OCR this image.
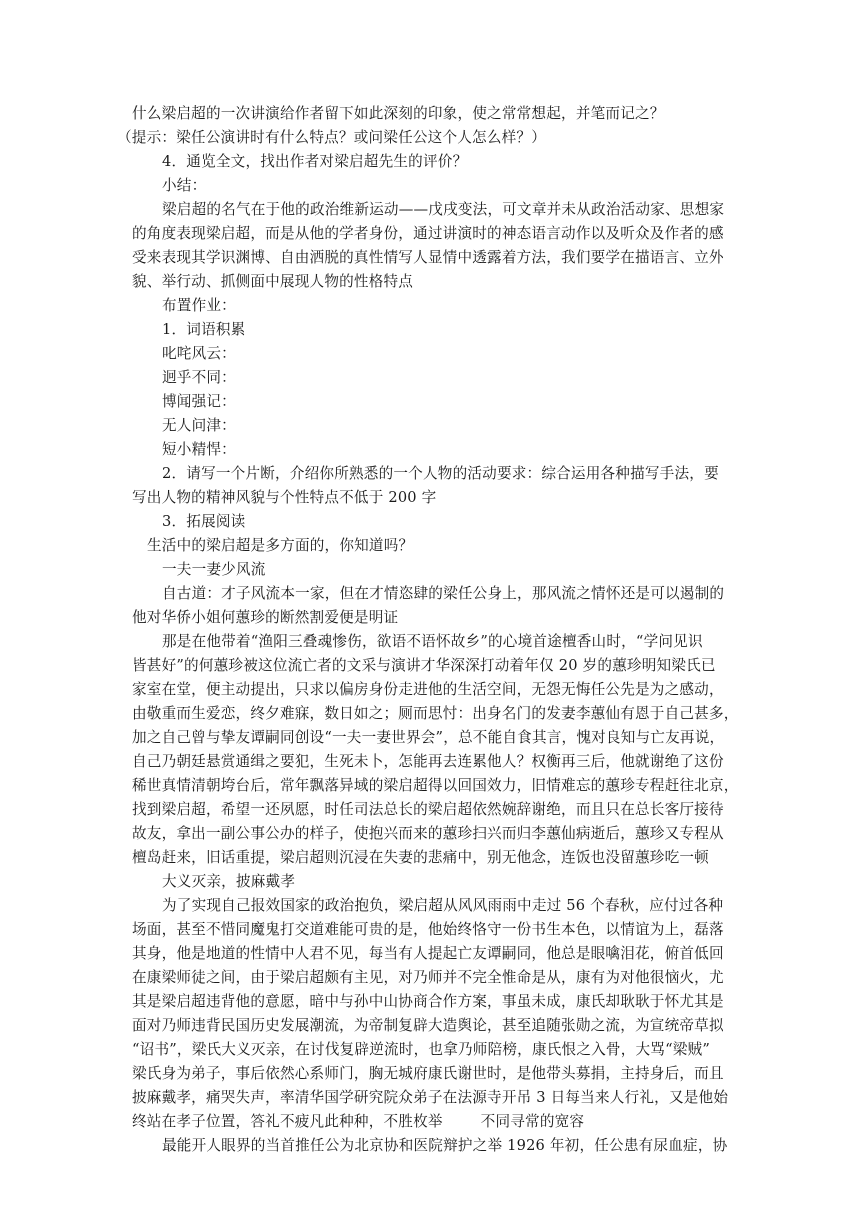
什么梁启超的一次讲演给作者留下如此深刻的印象，使之常常想起，并笔而记之？
（提示：梁任公演讲时有什么特点？或问梁任公这个人怎么样？）
4．通览全文，找出作者对梁启超先生的评价？
小结：
梁启超的名气在于他的政治维新运动——戊戌变法，可文章并未从政治活动家、思想家
的角度表现梁启超，而是从他的学者身份，通过讲演时的神态语言动作以及听众及作者的感
受来表现其学识渊博、自由洒脱的真性情写人显情中透露着方法，我们要学在描语言、立外
貌、举行动、抓侧面中展现人物的性格特点
布置作业：
1．词语积累
叱咤风云：
迥乎不同：
博闻强记：
无人问津：
短小精悍：
2．请写一个片断，介绍你所熟悉的一个人物的活动要求：综合运用各种描写手法，要
写出人物的精神风貌与个性特点不低于 200 字
3．拓展阅读
生活中的梁启超是多方面的，你知道吗？
一夫一妻少风流
自古道：才子风流本一家，但在才情恣肆的梁任公身上，那风流之情怀还是可以遏制的
他对华侨小姐何蕙珍的断然割爱便是明证
那是在他带着“渔阳三叠魂惨伤，欲语不语怀故乡”的心境首途檀香山时，“学问见识
皆甚好”的何蕙珍被这位流亡者的文采与演讲才华深深打动着年仅 20 岁的蕙珍明知梁氏已
家室在堂，便主动提出，只求以偏房身份走进他的生活空间，无怨无悔任公先是为之感动，
由敬重而生爱恋，终夕难寐，数日如之；厕而思忖：出身名门的发妻李蕙仙有恩于自己甚多，
加之自己曾与挚友谭嗣同创设“一夫一妻世界会”，总不能自食其言，愧对良知与亡友再说，
自己乃朝廷悬赏通缉之要犯，生死未卜，怎能再去连累他人？权衡再三后，他就谢绝了这份
稀世真情清朝垮台后，常年飘落异域的梁启超得以回国效力，旧情难忘的蕙珍专程赶往北京，
找到梁启超，希望一还夙愿，时任司法总长的梁启超依然婉辞谢绝，而且只在总长客厅接待
故友，拿出一副公事公办的样子，使抱兴而来的蕙珍扫兴而归李蕙仙病逝后，蕙珍又专程从
檀岛赶来，旧话重提，梁启超则沉浸在失妻的悲痛中，别无他念，连饭也没留蕙珍吃一顿
大义灭亲，披麻戴孝
为了实现自己报效国家的政治抱负，梁启超从风风雨雨中走过 56 个春秋，应付过各种
场面，甚至不惜同魔鬼打交道难能可贵的是，他始终恪守一份书生本色，以情谊为上，磊落
其身，他是地道的性情中人君不见，每当有人提起亡友谭嗣同，他总是眼噙泪花，俯首低回
在康梁师徒之间，由于梁启超颇有主见，对乃师并不完全惟命是从，康有为对他很恼火，尤
其是梁启超违背他的意愿，暗中与孙中山协商合作方案，事虽未成，康氏却耿耿于怀尤其是
面对乃师违背民国历史发展潮流，为帝制复辟大造舆论，甚至追随张勋之流，为宣统帝草拟
“诏书”，梁氏大义灭亲，在讨伐复辟逆流时，也拿乃师陪榜，康氏恨之入骨，大骂“梁贼”
梁氏身为弟子，事后依然心系师门，胸无城府康氏谢世时，是他带头募捐，主持身后，而且
披麻戴孝，痛哭失声，率清华国学研究院众弟子在法源寺开吊 3 日每当来人行礼，又是他始
终站在孝子位置，答礼不疲凡此种种，不胜枚举	不同寻常的宽容
最能开人眼界的当首推任公为北京协和医院辩护之举 1926 年初，任公患有尿血症，协
